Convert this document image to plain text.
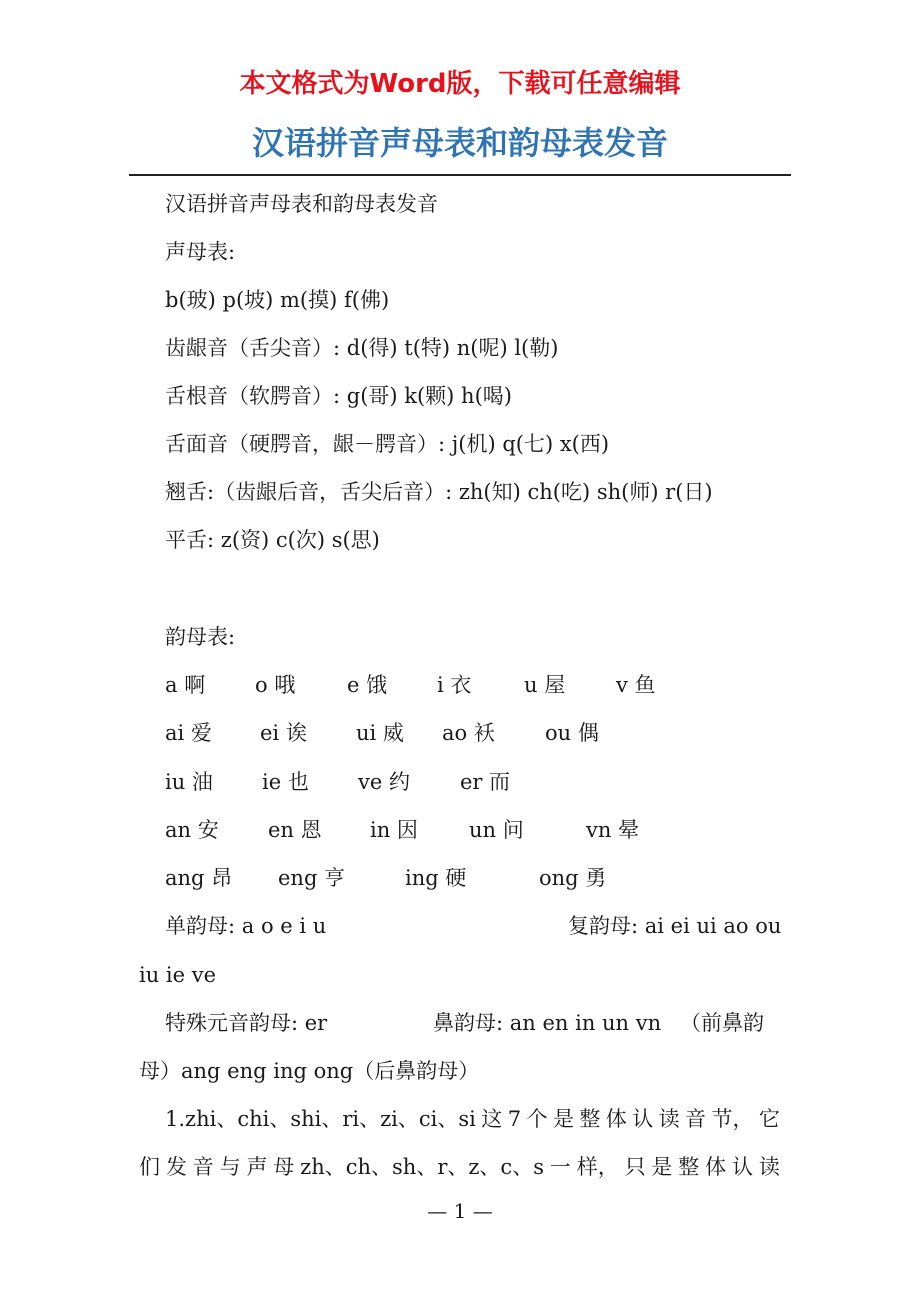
本文格式为Word版，下载可任意编辑
汉语拼音声母表和韵母表发音
汉语拼音声母表和韵母表发音
声母表:
b(玻) p(坡) m(摸) f(佛)
齿龈音（舌尖音）: d(得) t(特) n(呢) l(勒)
舌根音（软腭音）: g(哥) k(颗) h(喝)
舌面音（硬腭音，龈－腭音）: j(机) q(七) x(西)
翘舌:（齿龈后音，舌尖后音）: zh(知) ch(吃) sh(师) r(日)
平舌: z(资) c(次) s(思)
韵母表:
a 啊 o 哦 e 饿 i 衣	u 屋 v 鱼
ai 爱 ei 诶 ui 威 ao 袄 ou 偶
iu 油 ie 也 ve 约 er 而
an 安 en 恩 in 因 un 问	vn 晕
ang 昂 eng 亨	ing 硬	ong 勇
单韵母: a o e i u	复韵母: ai ei ui ao ou
iu ie ve
特殊元音韵母: er	鼻韵母: an en in un vn （前鼻韵
母）ang eng ing ong（后鼻韵母）
1.zhi、chi、shi、ri、zi、ci、si 这 7 个 是 整 体 认 读 音 节， 它
们 发 音 与 声 母 zh、ch、sh、r、z、c、s 一 样， 只 是 整 体 认 读
— 1 —
